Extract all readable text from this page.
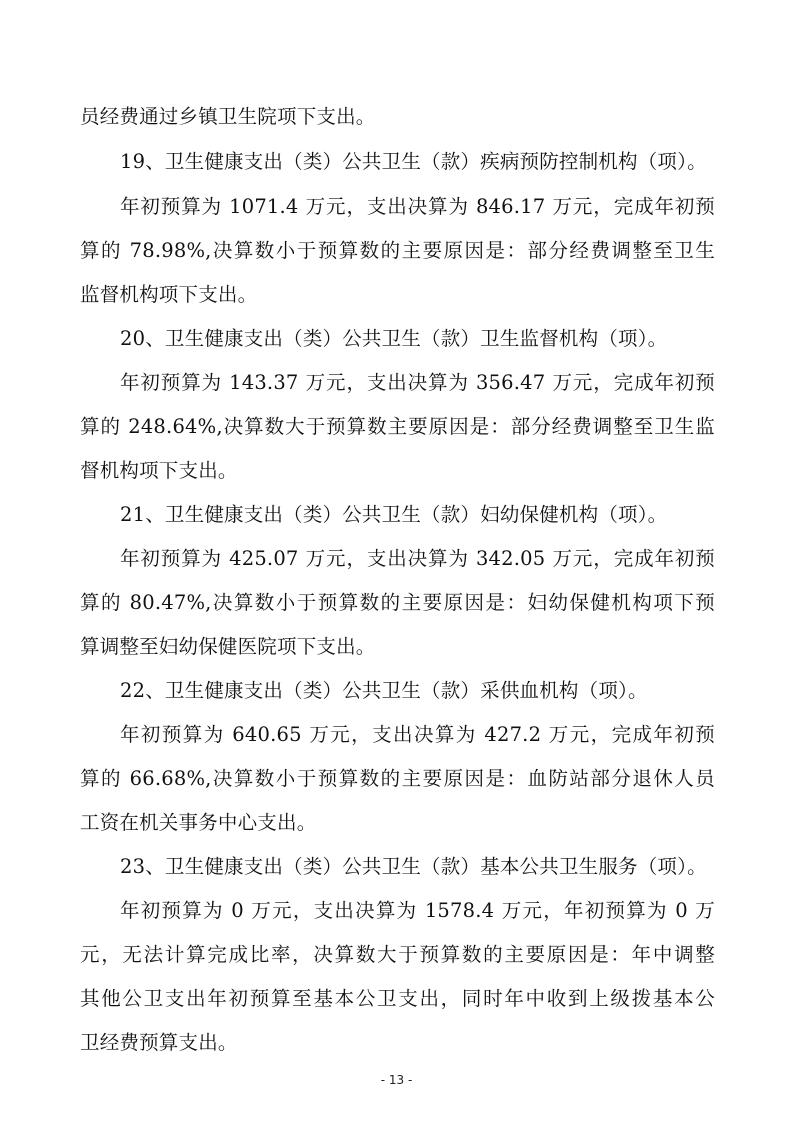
员经费通过乡镇卫生院项下支出。
19、卫生健康支出（类）公共卫生（款）疾病预防控制机构（项）。
年初预算为 1071.4 万元，支出决算为 846.17 万元，完成年初预
算的 78.98%,决算数小于预算数的主要原因是：部分经费调整至卫生
监督机构项下支出。
20、卫生健康支出（类）公共卫生（款）卫生监督机构（项）。
年初预算为 143.37 万元，支出决算为 356.47 万元，完成年初预
算的 248.64%,决算数大于预算数主要原因是：部分经费调整至卫生监
督机构项下支出。
21、卫生健康支出（类）公共卫生（款）妇幼保健机构（项）。
年初预算为 425.07 万元，支出决算为 342.05 万元，完成年初预
算的 80.47%,决算数小于预算数的主要原因是：妇幼保健机构项下预
算调整至妇幼保健医院项下支出。
22、卫生健康支出（类）公共卫生（款）采供血机构（项）。
年初预算为 640.65 万元，支出决算为 427.2 万元，完成年初预
算的 66.68%,决算数小于预算数的主要原因是：血防站部分退休人员
工资在机关事务中心支出。
23、卫生健康支出（类）公共卫生（款）基本公共卫生服务（项）。
年初预算为 0 万元，支出决算为 1578.4 万元，年初预算为 0 万
元，无法计算完成比率，决算数大于预算数的主要原因是：年中调整
其他公卫支出年初预算至基本公卫支出，同时年中收到上级拨基本公
卫经费预算支出。
- 13 -
